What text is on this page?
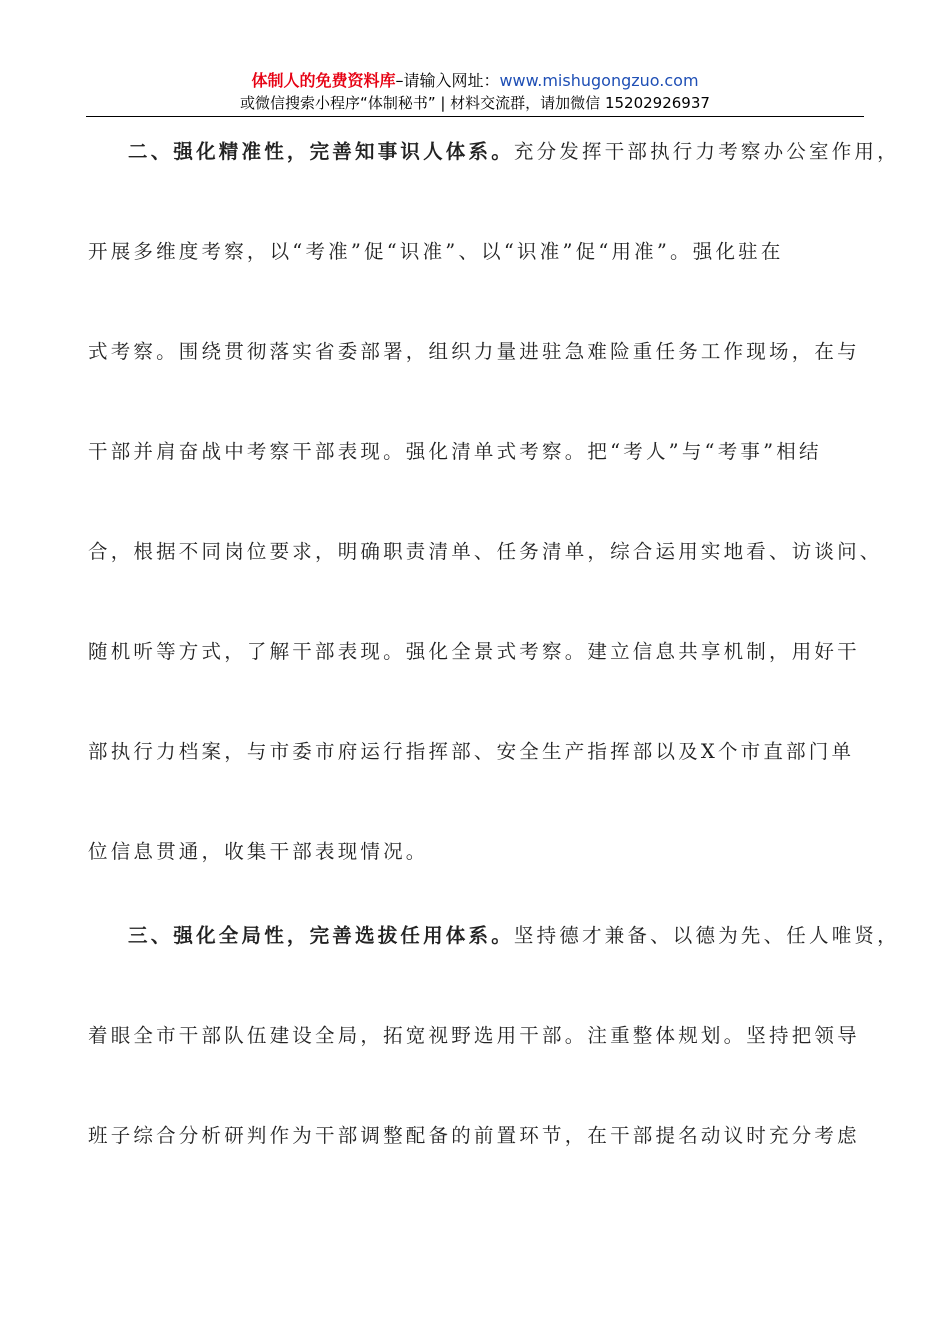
体制人的免费资料库–请输入网址：www.mishugongzuo.com
或微信搜索小程序“体制秘书” | 材料交流群，请加微信 15202926937
二、强化精准性，完善知事识人体系。充分发挥干部执行力考察办公室作用，
开展多维度考察，以“考准”促“识准”、以“识准”促“用准”。强化驻在
式考察。围绕贯彻落实省委部署，组织力量进驻急难险重任务工作现场，在与
干部并肩奋战中考察干部表现。强化清单式考察。把“考人”与“考事”相结
合，根据不同岗位要求，明确职责清单、任务清单，综合运用实地看、访谈问、
随机听等方式，了解干部表现。强化全景式考察。建立信息共享机制，用好干
部执行力档案，与市委市府运行指挥部、安全生产指挥部以及X个市直部门单
位信息贯通，收集干部表现情况。
三、强化全局性，完善选拔任用体系。坚持德才兼备、以德为先、任人唯贤，
着眼全市干部队伍建设全局，拓宽视野选用干部。注重整体规划。坚持把领导
班子综合分析研判作为干部调整配备的前置环节，在干部提名动议时充分考虑
